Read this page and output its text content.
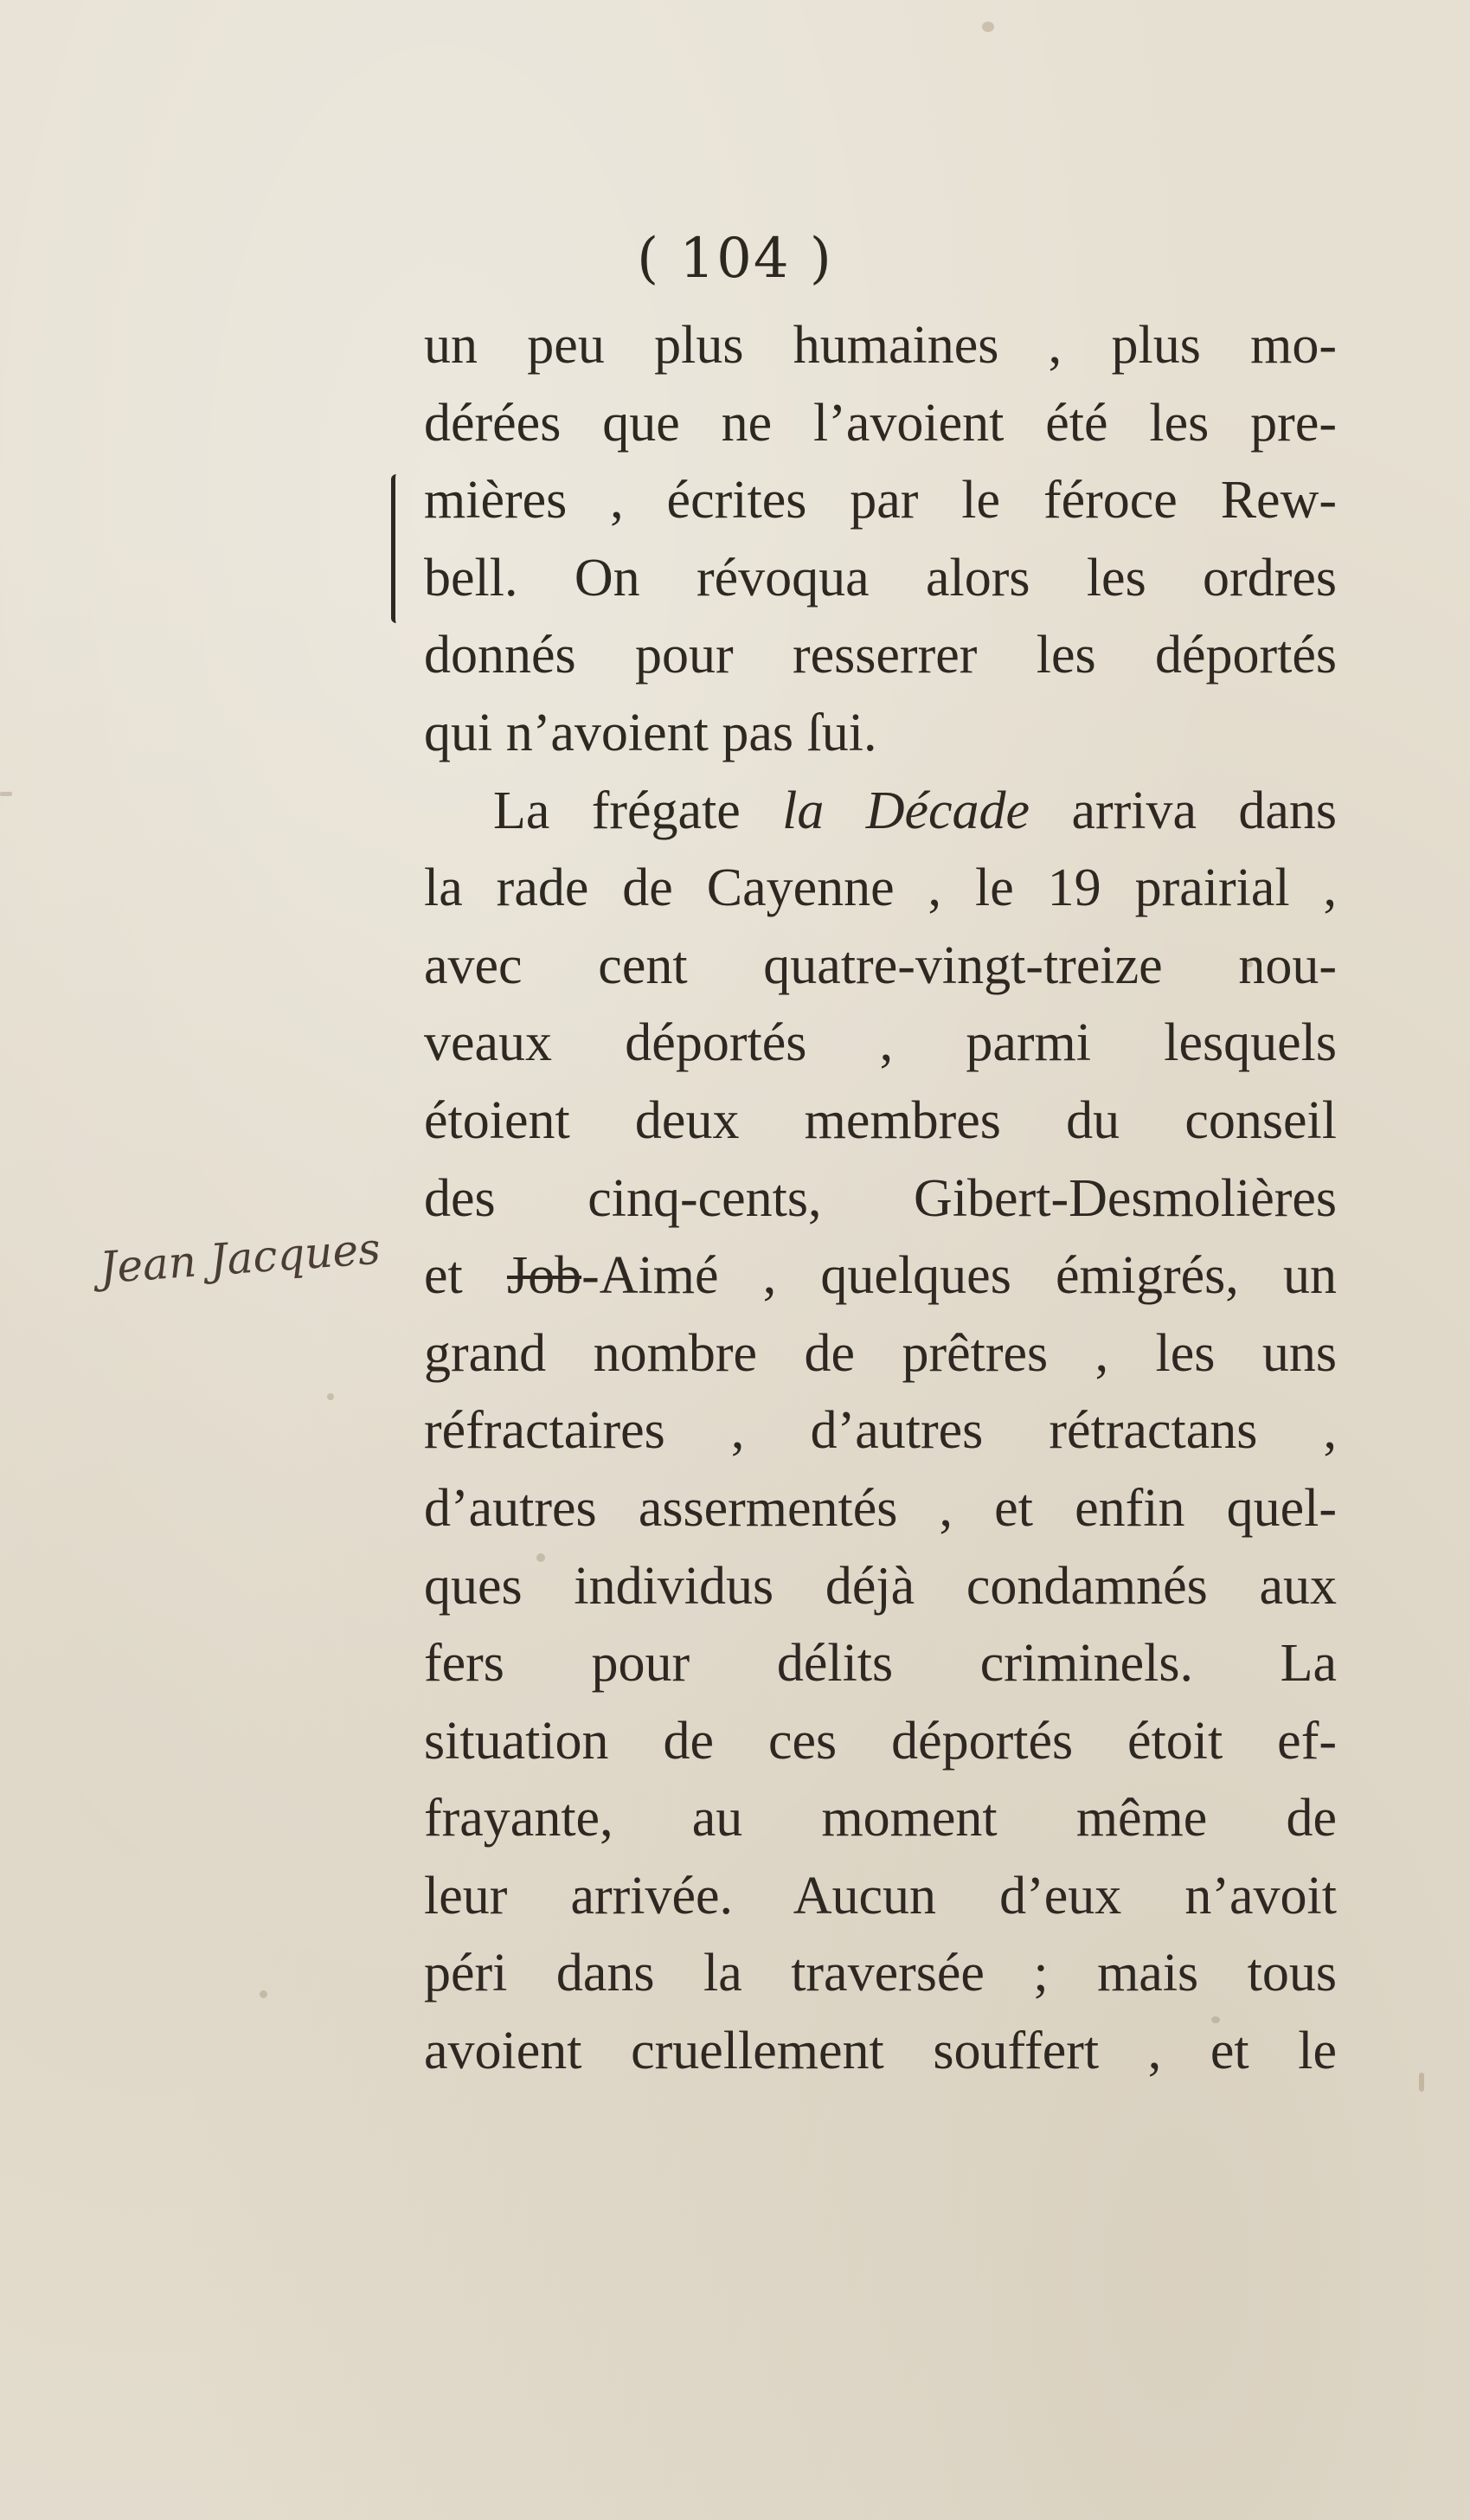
( 104 )
Jean Jacques
un peu plus humaines , plus mo-
dérées que ne l’avoient été les pre-
mières , écrites par le féroce Rew-
bell. On révoqua alors les ordres
donnés pour resserrer les déportés
qui n’avoient pas ſui.
La frégate la Décade arriva dans
la rade de Cayenne , le 19 prairial ,
avec cent quatre-vingt-treize nou-
veaux déportés , parmi lesquels
étoient deux membres du conseil
des cinq-cents, Gibert-Desmolières
et Job-Aimé , quelques émigrés, un
grand nombre de prêtres , les uns
réfractaires , d’autres rétractans ,
d’autres assermentés , et enfin quel-
ques individus déjà condamnés aux
fers pour délits criminels. La
situation de ces déportés étoit ef-
frayante, au moment même de
leur arrivée. Aucun d’eux n’avoit
péri dans la traversée ; mais tous
avoient cruellement souffert , et le
